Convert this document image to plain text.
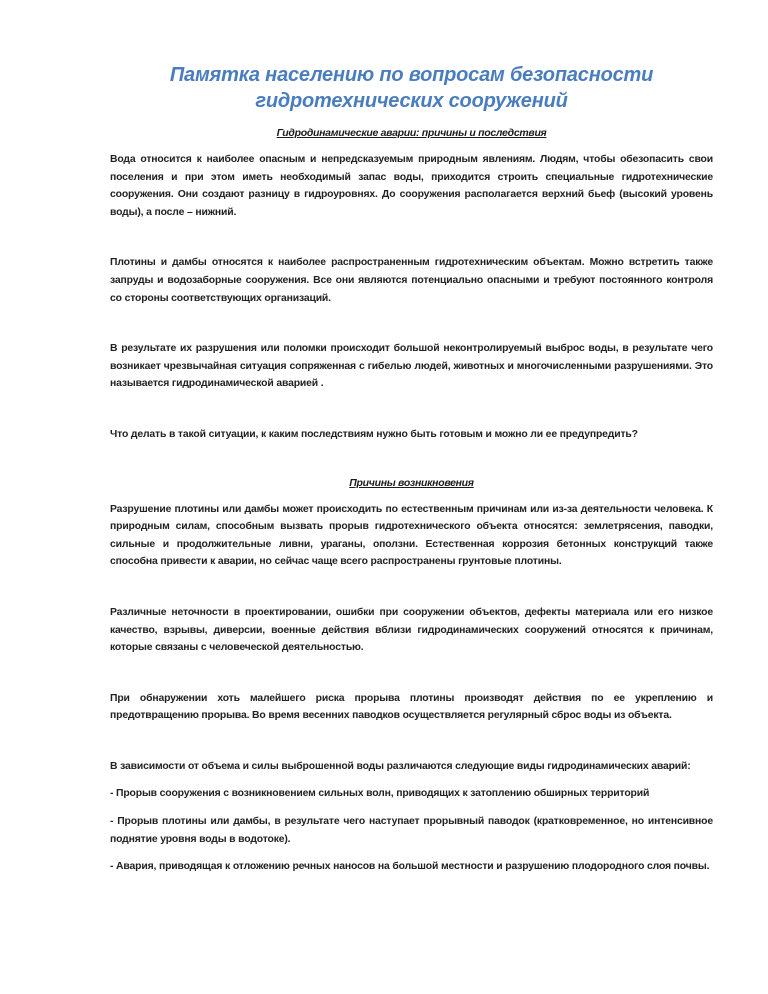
Памятка населению по вопросам безопасности гидротехнических сооружений
Гидродинамические аварии: причины и последствия

Вода относится к наиболее опасным и непредсказуемым природным явлениям. Людям, чтобы обезопасить свои поселения и при этом иметь необходимый запас воды, приходится строить специальные гидротехнические сооружения. Они создают разницу в гидроуровнях. До сооружения располагается верхний бьеф (высокий уровень воды), а после – нижний.

Плотины и дамбы относятся к наиболее распространенным гидротехническим объектам. Можно встретить также запруды и водозаборные сооружения. Все они являются потенциально опасными и требуют постоянного контроля со стороны соответствующих организаций.

В результате их разрушения или поломки происходит большой неконтролируемый выброс воды, в результате чего возникает чрезвычайная ситуация сопряженная с гибелью людей, животных и многочисленными разрушениями. Это называется гидродинамической аварией .

Что делать в такой ситуации, к каким последствиям нужно быть готовым и можно ли ее предупредить?

Причины возникновения

Разрушение плотины или дамбы может происходить по естественным причинам или из-за деятельности человека. К природным силам, способным вызвать прорыв гидротехнического объекта относятся: землетрясения, паводки, сильные и продолжительные ливни, ураганы, оползни. Естественная коррозия бетонных конструкций также способна привести к аварии, но сейчас чаще всего распространены грунтовые плотины.

Различные неточности в проектировании, ошибки при сооружении объектов, дефекты материала или его низкое качество, взрывы, диверсии, военные действия вблизи гидродинамических сооружений относятся к причинам, которые связаны с человеческой деятельностью.

При обнаружении хоть малейшего риска прорыва плотины производят действия по ее укреплению и предотвращению прорыва. Во время весенних паводков осуществляется регулярный сброс воды из объекта.

В зависимости от объема и силы выброшенной воды различаются следующие виды гидродинамических аварий:

- Прорыв сооружения с возникновением сильных волн, приводящих к затоплению обширных территорий

- Прорыв плотины или дамбы, в результате чего наступает прорывный паводок (кратковременное, но интенсивное поднятие уровня воды в водотоке).

- Авария, приводящая к отложению речных наносов на большой местности и разрушению плодородного слоя почвы.
